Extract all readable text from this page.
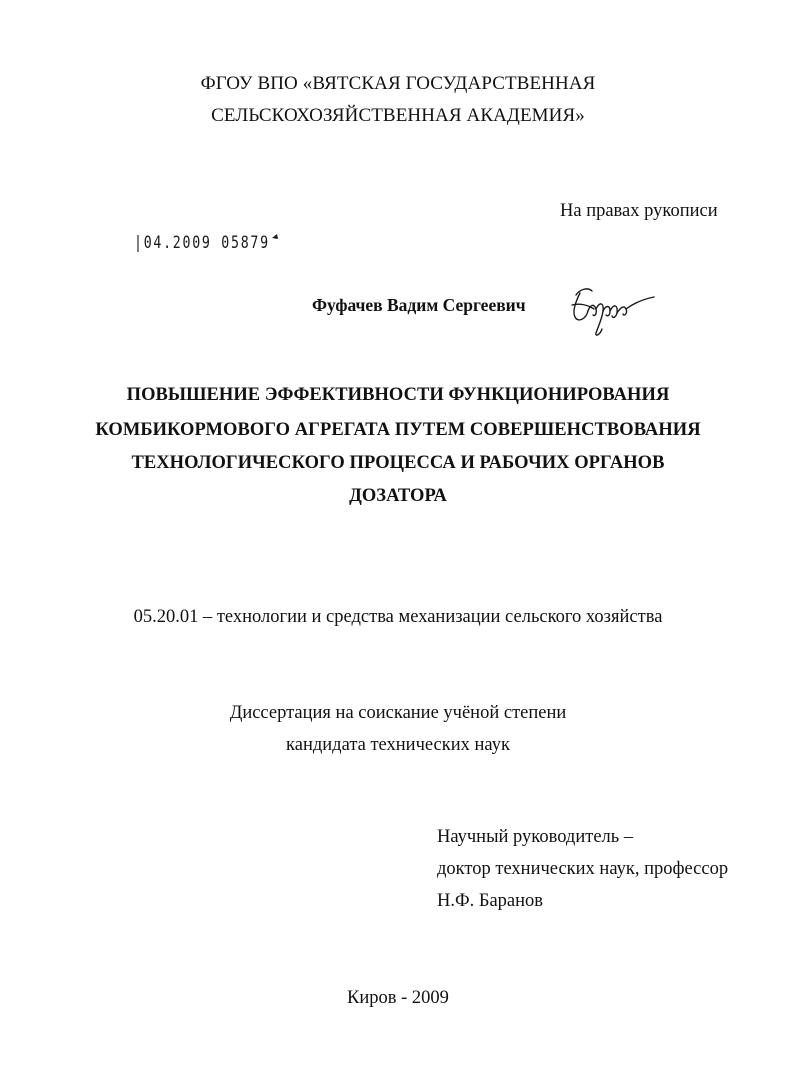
ФГОУ ВПО «ВЯТСКАЯ ГОСУДАРСТВЕННАЯ
СЕЛЬСКОХОЗЯЙСТВЕННАЯ АКАДЕМИЯ»
На правах рукописи
|04.2009 05879
Фуфачев Вадим Сергеевич
ПОВЫШЕНИЕ ЭФФЕКТИВНОСТИ ФУНКЦИОНИРОВАНИЯ
КОМБИКОРМОВОГО АГРЕГАТА ПУТЕМ СОВЕРШЕНСТВОВАНИЯ
ТЕХНОЛОГИЧЕСКОГО ПРОЦЕССА И РАБОЧИХ ОРГАНОВ
ДОЗАТОРА
05.20.01 – технологии и средства механизации сельского хозяйства
Диссертация на соискание учёной степени
кандидата технических наук
Научный руководитель –
доктор технических наук, профессор
Н.Ф. Баранов
Киров - 2009
